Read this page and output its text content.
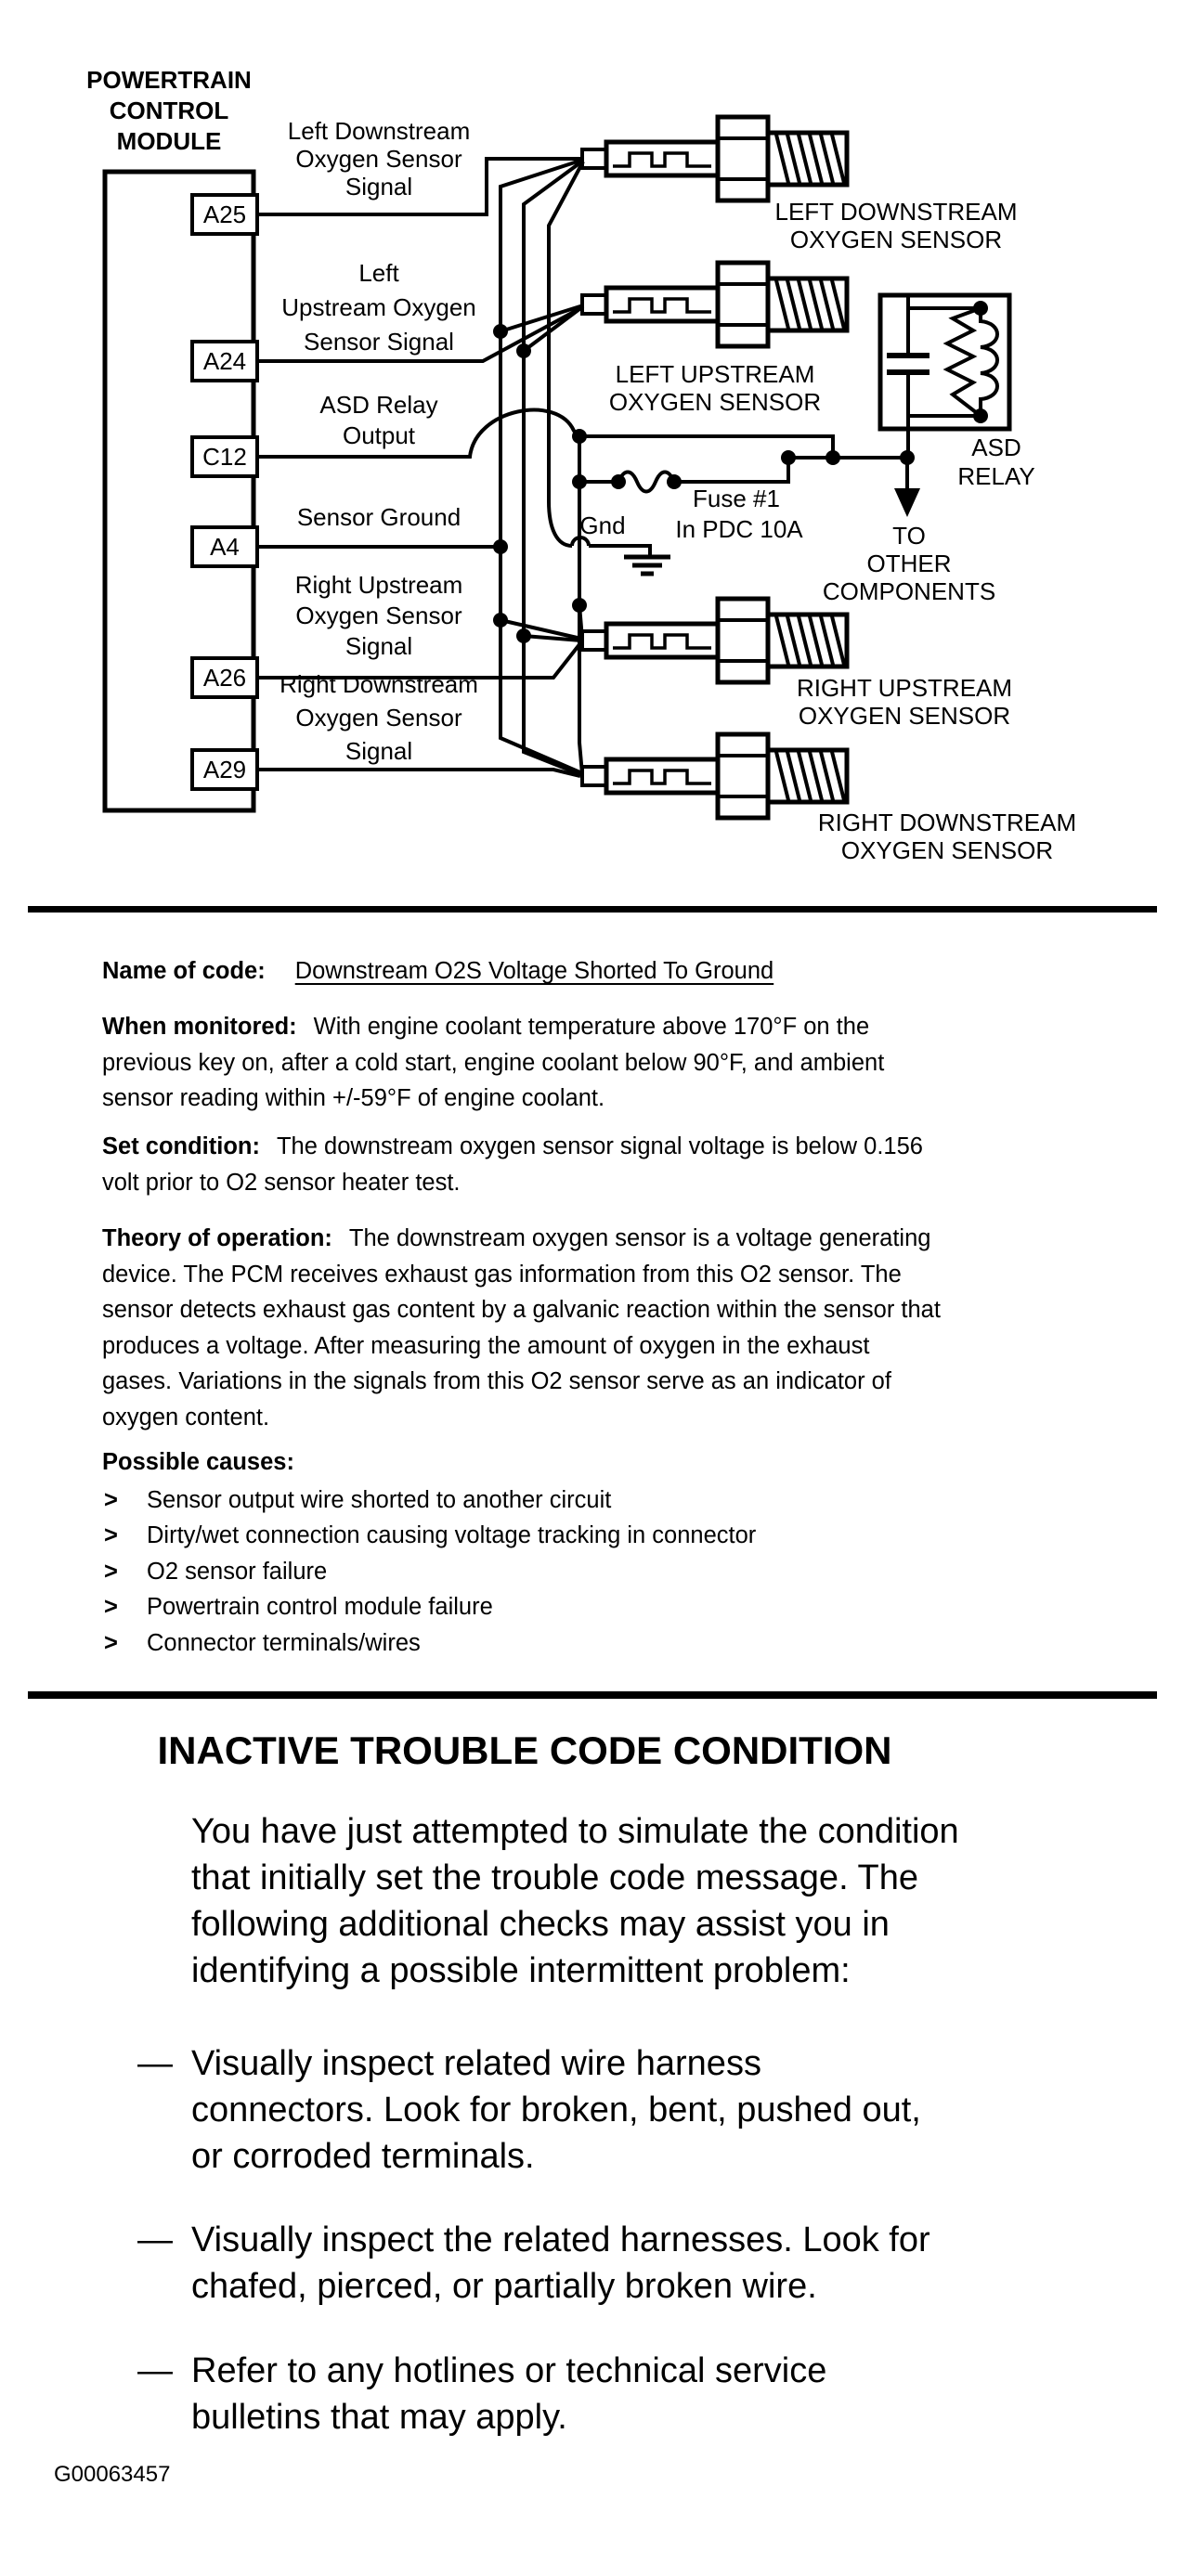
POWERTRAIN
CONTROL
MODULE
A25
A24
C12
A4
A26
A29
Left Downstream
Oxygen Sensor
Signal
Left
Upstream Oxygen
Sensor Signal
ASD Relay
Output
Sensor Ground
Right Upstream
Oxygen Sensor
Signal
Right Downstream
Oxygen Sensor
Signal
LEFT DOWNSTREAM
OXYGEN SENSOR
LEFT UPSTREAM
OXYGEN SENSOR
RIGHT UPSTREAM
OXYGEN SENSOR
RIGHT DOWNSTREAM
OXYGEN SENSOR
ASD
RELAY
Fuse #1
In PDC 10A
Gnd	TO
OTHER
COMPONENTS
Name of code: Downstream O2S Voltage Shorted To Ground
When monitored: With engine coolant temperature above 170°F on the
previous key on, after a cold start, engine coolant below 90°F, and ambient
sensor reading within +/-59°F of engine coolant.
Set condition: The downstream oxygen sensor signal voltage is below 0.156
volt prior to O2 sensor heater test.
Theory of operation: The downstream oxygen sensor is a voltage generating
device. The PCM receives exhaust gas information from this O2 sensor. The
sensor detects exhaust gas content by a galvanic reaction within the sensor that
produces a voltage. After measuring the amount of oxygen in the exhaust
gases. Variations in the signals from this O2 sensor serve as an indicator of
oxygen content.
Possible causes:
> Sensor output wire shorted to another circuit
> Dirty/wet connection causing voltage tracking in connector
> O2 sensor failure
> Powertrain control module failure
> Connector terminals/wires
INACTIVE TROUBLE CODE CONDITION
You have just attempted to simulate the condition
that initially set the trouble code message. The
following additional checks may assist you in
identifying a possible intermittent problem:
— Visually inspect related wire harness
connectors. Look for broken, bent, pushed out,
or corroded terminals.
— Visually inspect the related harnesses. Look for
chafed, pierced, or partially broken wire.
— Refer to any hotlines or technical service
bulletins that may apply.
G00063457
